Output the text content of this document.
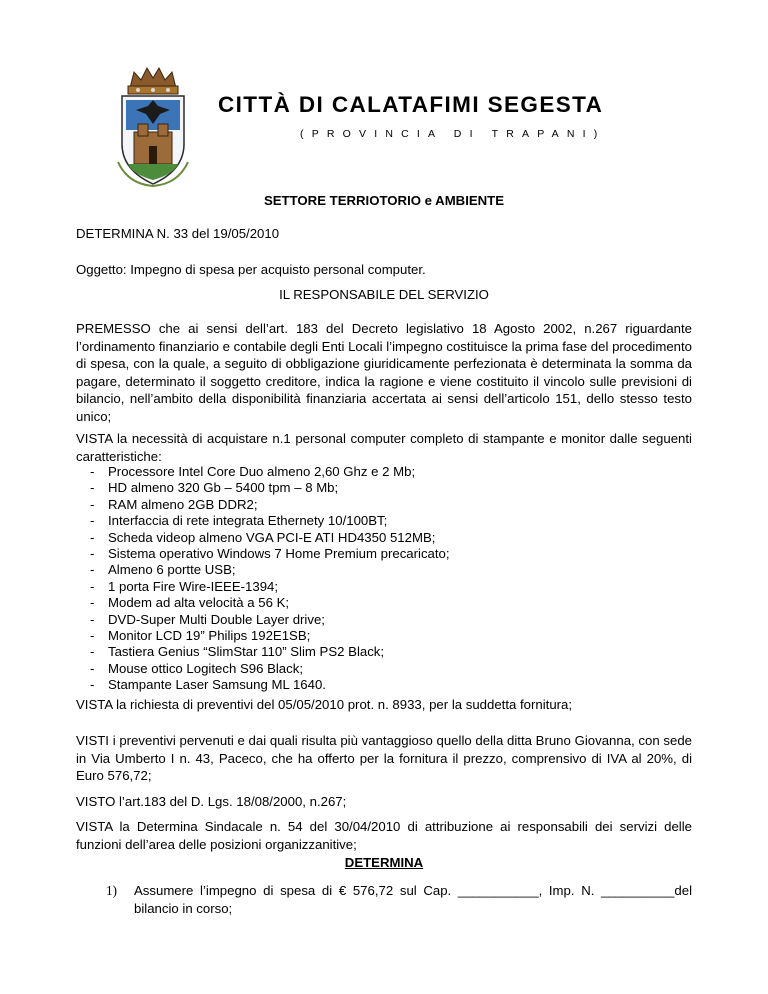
CITTÀ DI CALATAFIMI SEGESTA
(PROVINCIA DI TRAPANI)
SETTORE TERRIOTORIO e AMBIENTE
DETERMINA N. 33 del 19/05/2010
Oggetto: Impegno di spesa per acquisto personal computer.
IL RESPONSABILE DEL SERVIZIO
PREMESSO che ai sensi dell’art. 183 del Decreto legislativo 18 Agosto 2002, n.267 riguardante l’ordinamento finanziario e contabile degli Enti Locali l’impegno costituisce la prima fase del procedimento di spesa, con la quale, a seguito di obbligazione giuridicamente perfezionata è determinata la somma da pagare, determinato il soggetto creditore, indica la ragione e viene costituito il vincolo sulle previsioni di bilancio, nell’ambito della disponibilità finanziaria accertata ai sensi dell’articolo 151, dello stesso testo unico;
VISTA la necessità di acquistare n.1 personal computer completo di stampante e monitor dalle seguenti caratteristiche:
- Processore Intel Core Duo almeno 2,60 Ghz e 2 Mb;
- HD almeno 320 Gb – 5400 tpm – 8 Mb;
- RAM almeno 2GB DDR2;
- Interfaccia di rete integrata Ethernety 10/100BT;
- Scheda videop almeno VGA PCI-E ATI HD4350 512MB;
- Sistema operativo Windows 7 Home Premium precaricato;
- Almeno 6 portte USB;
- 1 porta Fire Wire-IEEE-1394;
- Modem ad alta velocità a 56 K;
- DVD-Super Multi Double Layer drive;
- Monitor LCD 19” Philips 192E1SB;
- Tastiera Genius “SlimStar 110” Slim PS2 Black;
- Mouse ottico Logitech S96 Black;
- Stampante Laser Samsung ML 1640.
VISTA la richiesta di preventivi del 05/05/2010 prot. n. 8933, per la suddetta fornitura;
VISTI i preventivi pervenuti e dai quali risulta più vantaggioso quello della ditta Bruno Giovanna, con sede in Via Umberto I n. 43, Paceco, che ha offerto per la fornitura il prezzo, comprensivo di IVA al 20%, di Euro 576,72;
VISTO l’art.183 del D. Lgs. 18/08/2000, n.267;
VISTA la Determina Sindacale n. 54 del 30/04/2010 di attribuzione ai responsabili dei servizi delle funzioni dell’area delle posizioni organizzanitive;
DETERMINA
1) Assumere l’impegno di spesa di € 576,72 sul Cap. ___________, Imp. N. __________del bilancio in corso;
